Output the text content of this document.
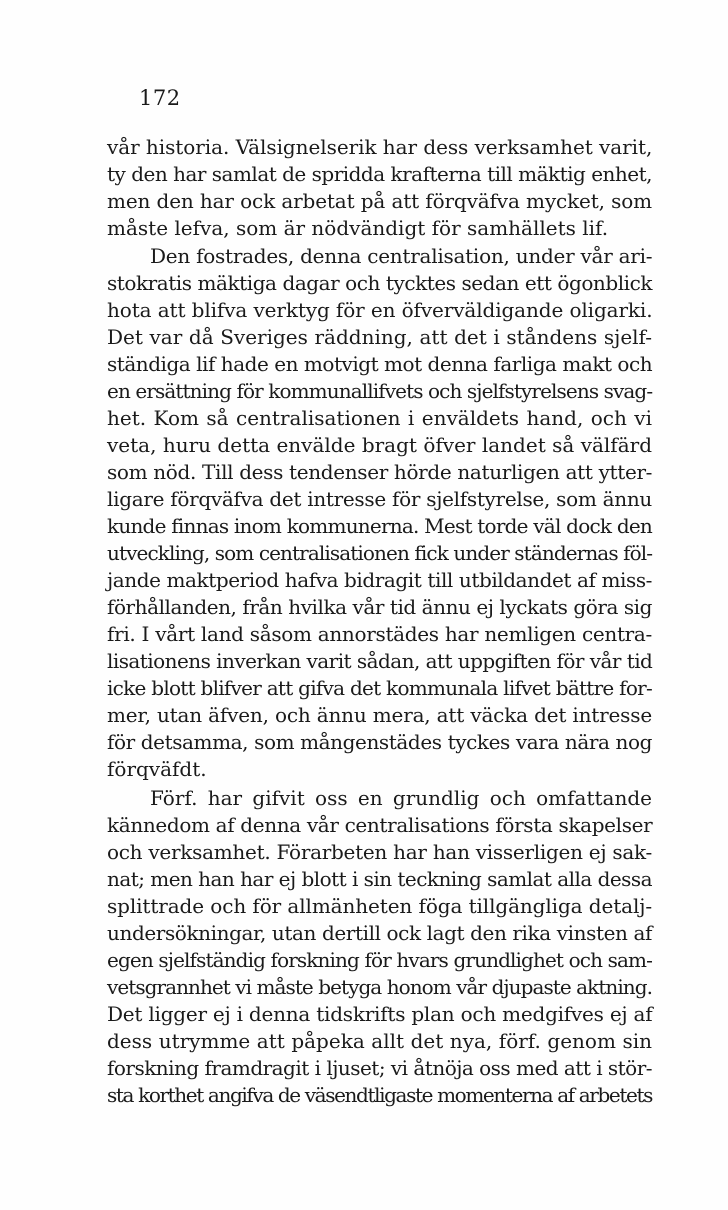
172
vår historia. Välsignelserik har dess verksamhet varit,
ty den har samlat de spridda krafterna till mäktig enhet,
men den har ock arbetat på att förqväfva mycket, som
måste lefva, som är nödvändigt för samhällets lif.
Den fostrades, denna centralisation, under vår ari-
stokratis mäktiga dagar och tycktes sedan ett ögonblick
hota att blifva verktyg för en öfverväldigande oligarki.
Det var då Sveriges räddning, att det i ståndens sjelf-
ständiga lif hade en motvigt mot denna farliga makt och
en ersättning för kommunallifvets och sjelfstyrelsens svag-
het. Kom så centralisationen i enväldets hand, och vi
veta, huru detta envälde bragt öfver landet så välfärd
som nöd. Till dess tendenser hörde naturligen att ytter-
ligare förqväfva det intresse för sjelfstyrelse, som ännu
kunde finnas inom kommunerna. Mest torde väl dock den
utveckling, som centralisationen fick under ständernas föl-
jande maktperiod hafva bidragit till utbildandet af miss-
förhållanden, från hvilka vår tid ännu ej lyckats göra sig
fri. I vårt land såsom annorstädes har nemligen centra-
lisationens inverkan varit sådan, att uppgiften för vår tid
icke blott blifver att gifva det kommunala lifvet bättre for-
mer, utan äfven, och ännu mera, att väcka det intresse
för detsamma, som mångenstädes tyckes vara nära nog
förqväfdt.
Förf. har gifvit oss en grundlig och omfattande
kännedom af denna vår centralisations första skapelser
och verksamhet. Förarbeten har han visserligen ej sak-
nat; men han har ej blott i sin teckning samlat alla dessa
splittrade och för allmänheten föga tillgängliga detalj-
undersökningar, utan dertill ock lagt den rika vinsten af
egen sjelfständig forskning för hvars grundlighet och sam-
vetsgrannhet vi måste betyga honom vår djupaste aktning.
Det ligger ej i denna tidskrifts plan och medgifves ej af
dess utrymme att påpeka allt det nya, förf. genom sin
forskning framdragit i ljuset; vi åtnöja oss med att i stör-
sta korthet angifva de väsendtligaste momenterna af arbetets
